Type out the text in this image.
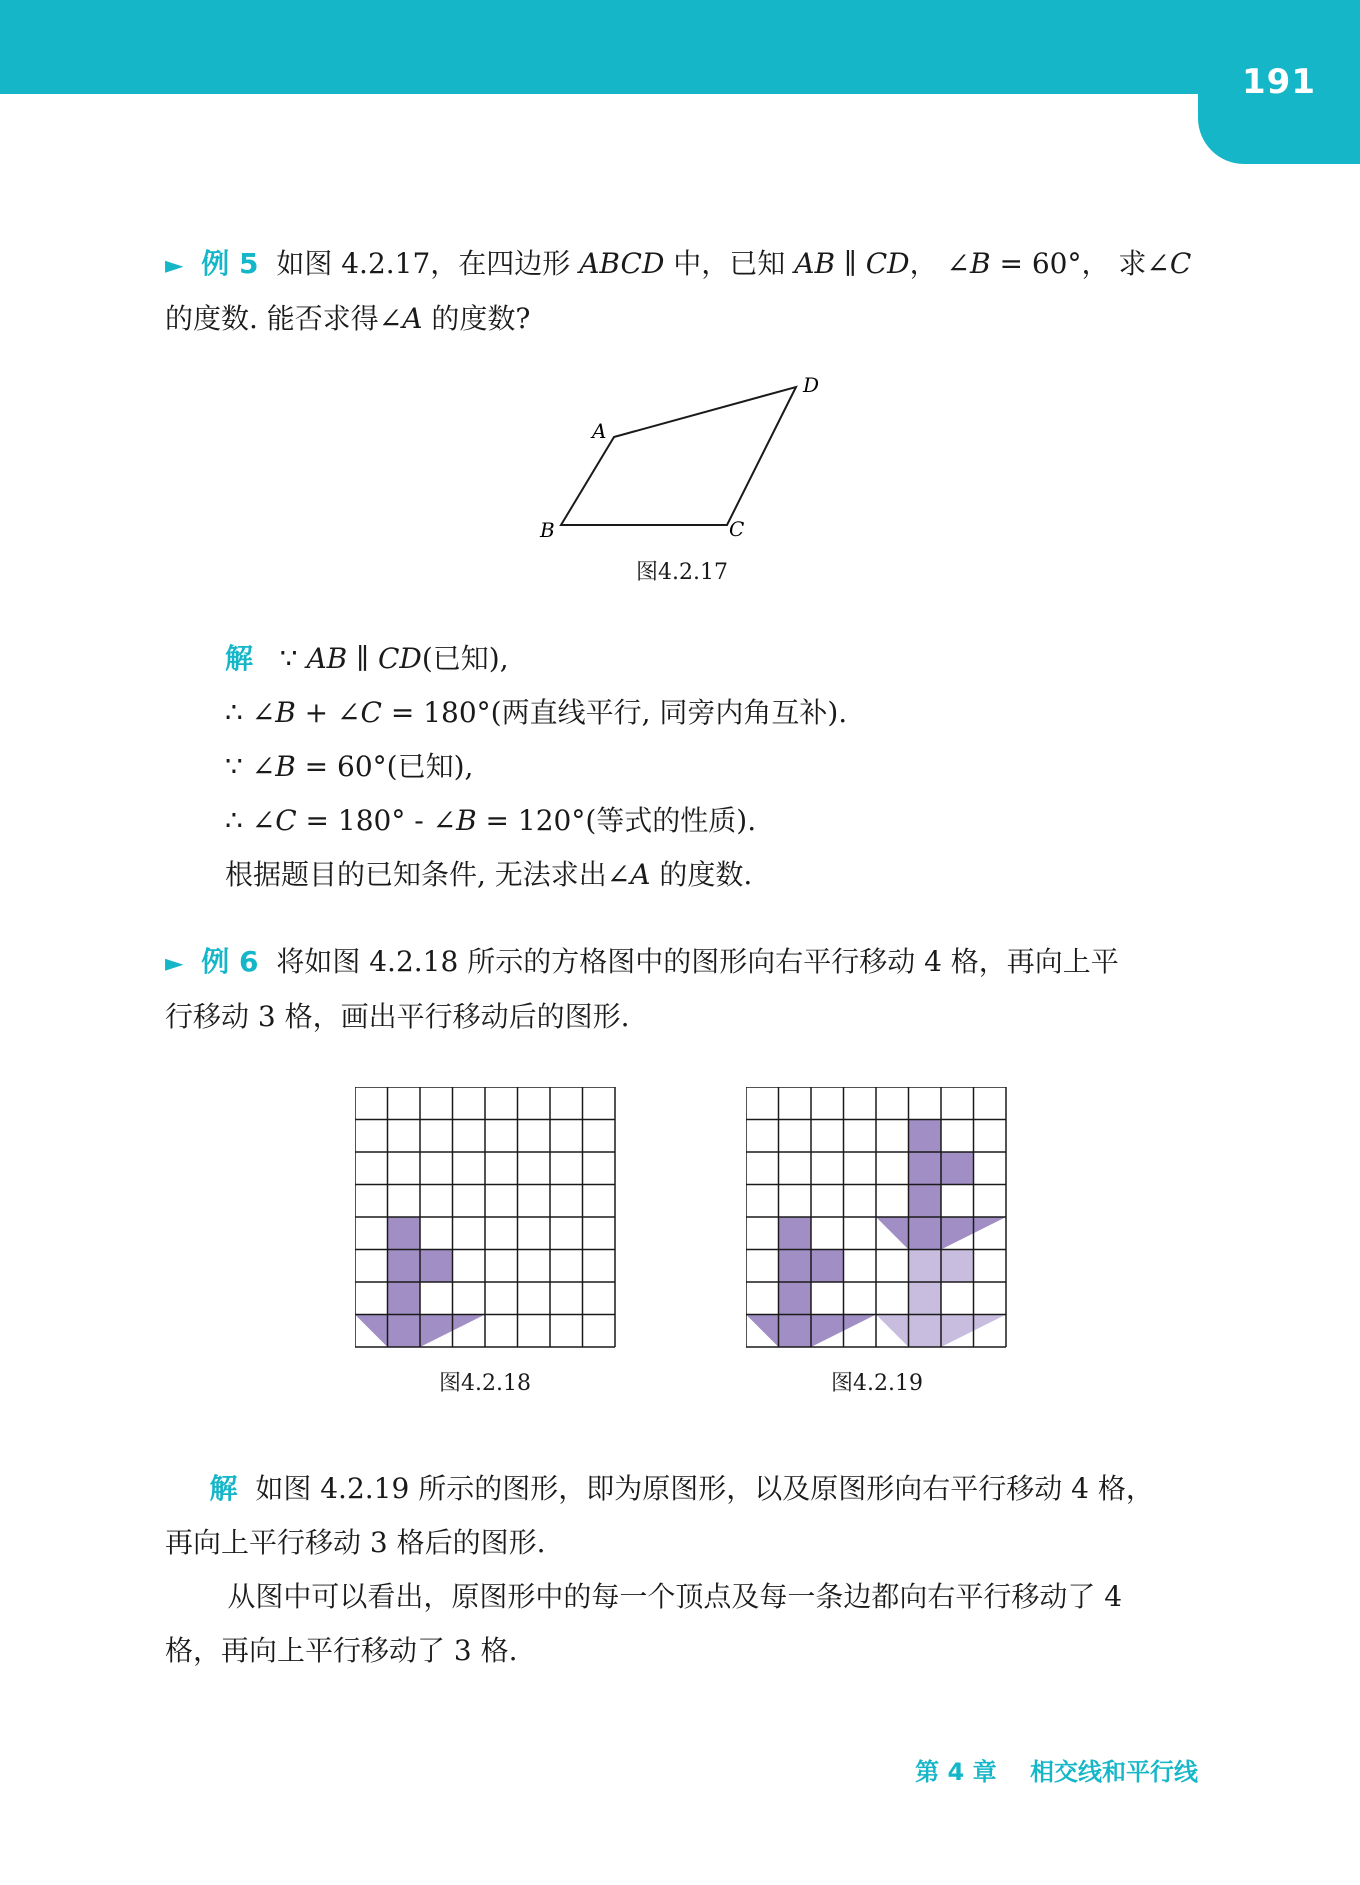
191

► 例 5 如图 4.2.17，在四边形 ABCD 中，已知 AB ∥ CD， ∠B = 60°， 求∠C
的度数. 能否求得∠A 的度数?

A
B	C
D
图4.2.17

解 ∵ AB ∥ CD(已知),
∴ ∠B + ∠C = 180°(两直线平行, 同旁内角互补).
∵ ∠B = 60°(已知),
∴ ∠C = 180° - ∠B = 120°(等式的性质).
根据题目的已知条件, 无法求出∠A 的度数.

► 例 6 将如图 4.2.18 所示的方格图中的图形向右平行移动 4 格，再向上平
行移动 3 格，画出平行移动后的图形.

图4.2.18	图4.2.19

解 如图 4.2.19 所示的图形，即为原图形，以及原图形向右平行移动 4 格，
再向上平行移动 3 格后的图形.
从图中可以看出，原图形中的每一个顶点及每一条边都向右平行移动了 4
格，再向上平行移动了 3 格.

第 4 章 相交线和平行线
